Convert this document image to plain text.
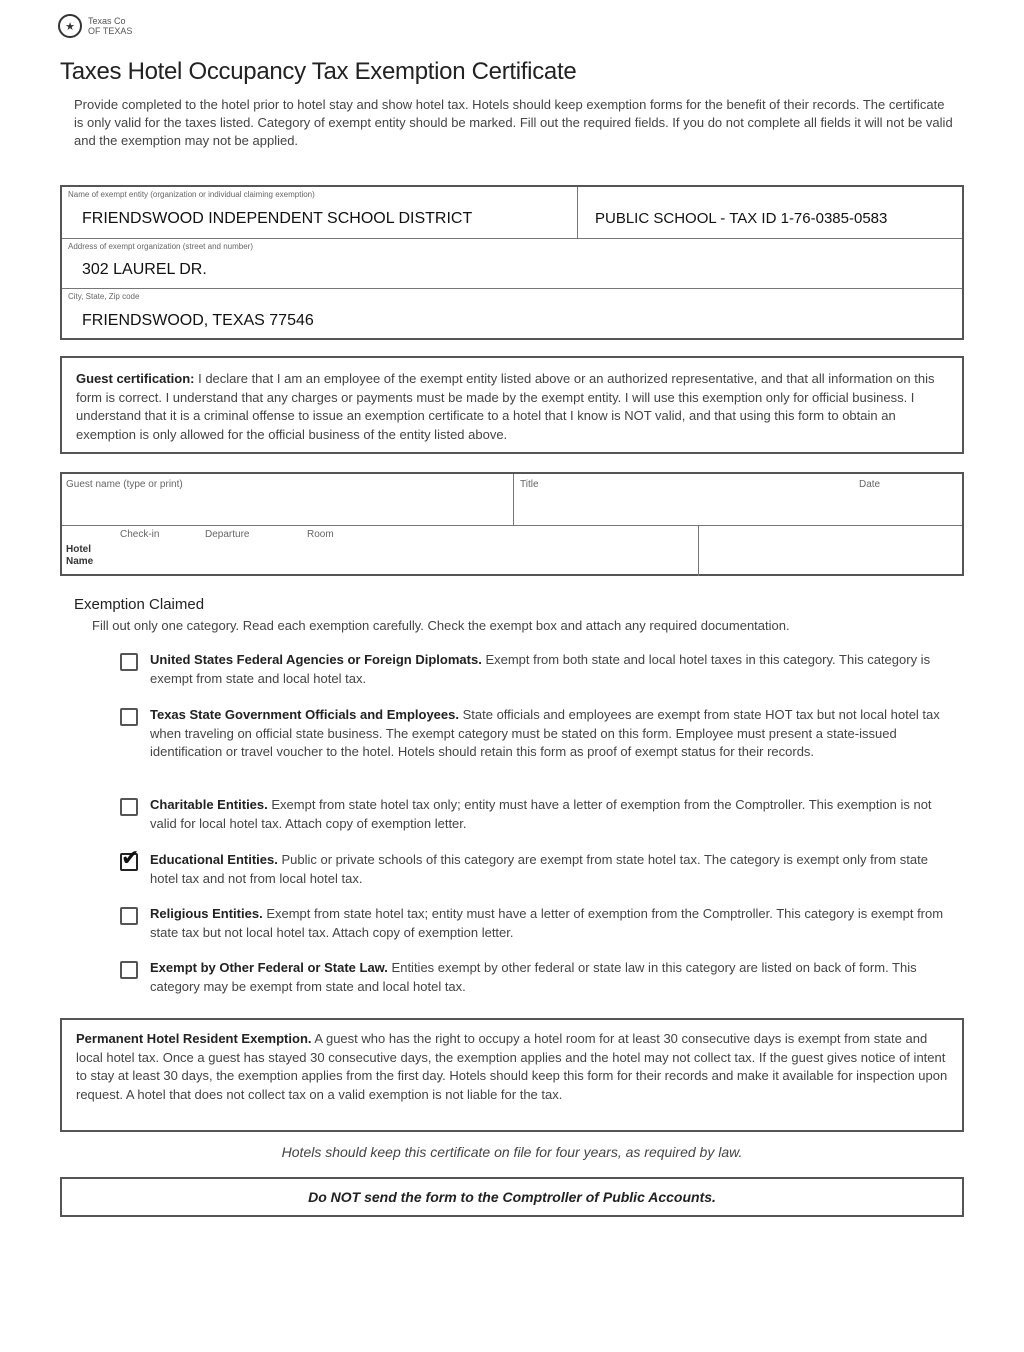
★	Texas Co
OF TEXAS
Taxes Hotel Occupancy Tax Exemption Certificate

Provide completed to the hotel prior to hotel stay and show hotel tax. Hotels should keep exemption forms for the benefit of their records. The certificate is only valid for the taxes listed. Category of exempt entity should be marked. Fill out the required fields. If you do not complete all fields it will not be valid and the exemption may not be applied.

Name of exempt entity (organization or individual claiming exemption)
FRIENDSWOOD INDEPENDENT SCHOOL DISTRICT	PUBLIC SCHOOL - TAX ID 1-76-0385-0583
Address of exempt organization (street and number)
302 LAUREL DR.
City, State, Zip code
FRIENDSWOOD, TEXAS 77546

Guest certification: I declare that I am an employee of the exempt entity listed above or an authorized representative, and that all information on this form is correct. I understand that any charges or payments must be made by the exempt entity. I will use this exemption only for official business. I understand that it is a criminal offense to issue an exemption certificate to a hotel that I know is NOT valid, and that using this form to obtain an exemption is only allowed for the official business of the entity listed above.

Guest name (type or print)	Title	Date
Hotel Name
Check-in	Departure	Room
Exemption Claimed
Fill out only one category. Read each exemption carefully. Check the exempt box and attach any required documentation.
United States Federal Agencies or Foreign Diplomats. Exempt from both state and local hotel taxes in this category. This category is exempt from state and local hotel tax.
Texas State Government Officials and Employees. State officials and employees are exempt from state HOT tax but not local hotel tax when traveling on official state business. The exempt category must be stated on this form. Employee must present a state-issued identification or travel voucher to the hotel. Hotels should retain this form as proof of exempt status for their records.
Charitable Entities. Exempt from state hotel tax only; entity must have a letter of exemption from the Comptroller. This exemption is not valid for local hotel tax. Attach copy of exemption letter.
✔ Educational Entities. Public or private schools of this category are exempt from state hotel tax. The category is exempt only from state hotel tax and not from local hotel tax.
Religious Entities. Exempt from state hotel tax; entity must have a letter of exemption from the Comptroller. This category is exempt from state tax but not local hotel tax. Attach copy of exemption letter.
Exempt by Other Federal or State Law. Entities exempt by other federal or state law in this category are listed on back of form. This category may be exempt from state and local hotel tax.

Permanent Hotel Resident Exemption. A guest who has the right to occupy a hotel room for at least 30 consecutive days is exempt from state and local hotel tax. Once a guest has stayed 30 consecutive days, the exemption applies and the hotel may not collect tax. If the guest gives notice of intent to stay at least 30 days, the exemption applies from the first day. Hotels should keep this form for their records and make it available for inspection upon request. A hotel that does not collect tax on a valid exemption is not liable for the tax.

Hotels should keep this certificate on file for four years, as required by law.
Do NOT send the form to the Comptroller of Public Accounts.
